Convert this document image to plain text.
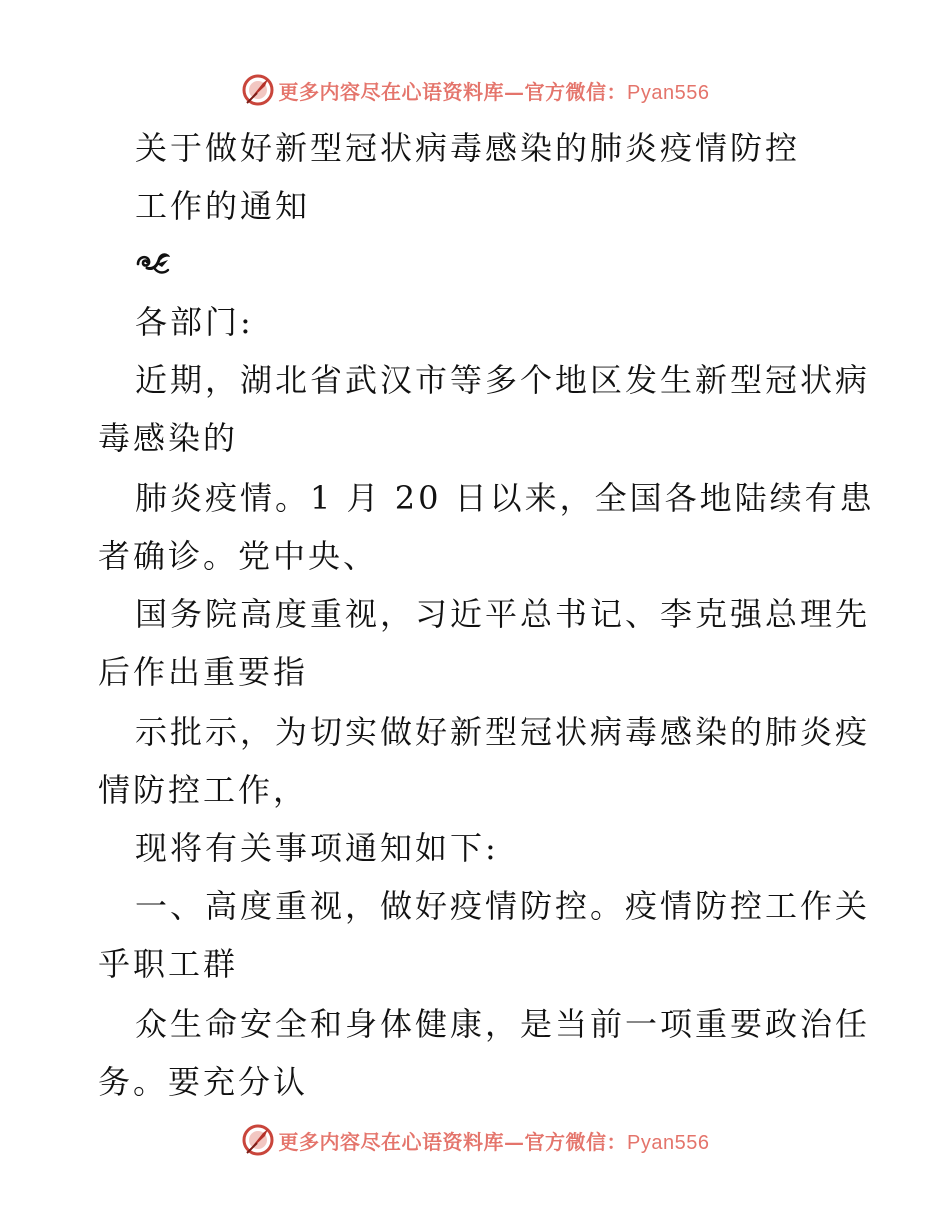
更多内容尽在心语资料库—官方微信：Pyan556
关于做好新型冠状病毒感染的肺炎疫情防控
工作的通知
各部门:
近期，湖北省武汉市等多个地区发生新型冠状病
毒感染的
肺炎疫情。1 月 20 日以来，全国各地陆续有患
者确诊。党中央、
国务院高度重视，习近平总书记、李克强总理先
后作出重要指
示批示，为切实做好新型冠状病毒感染的肺炎疫
情防控工作，
现将有关事项通知如下:
一、高度重视，做好疫情防控。疫情防控工作关
乎职工群
众生命安全和身体健康，是当前一项重要政治任
务。要充分认
更多内容尽在心语资料库—官方微信：Pyan556
